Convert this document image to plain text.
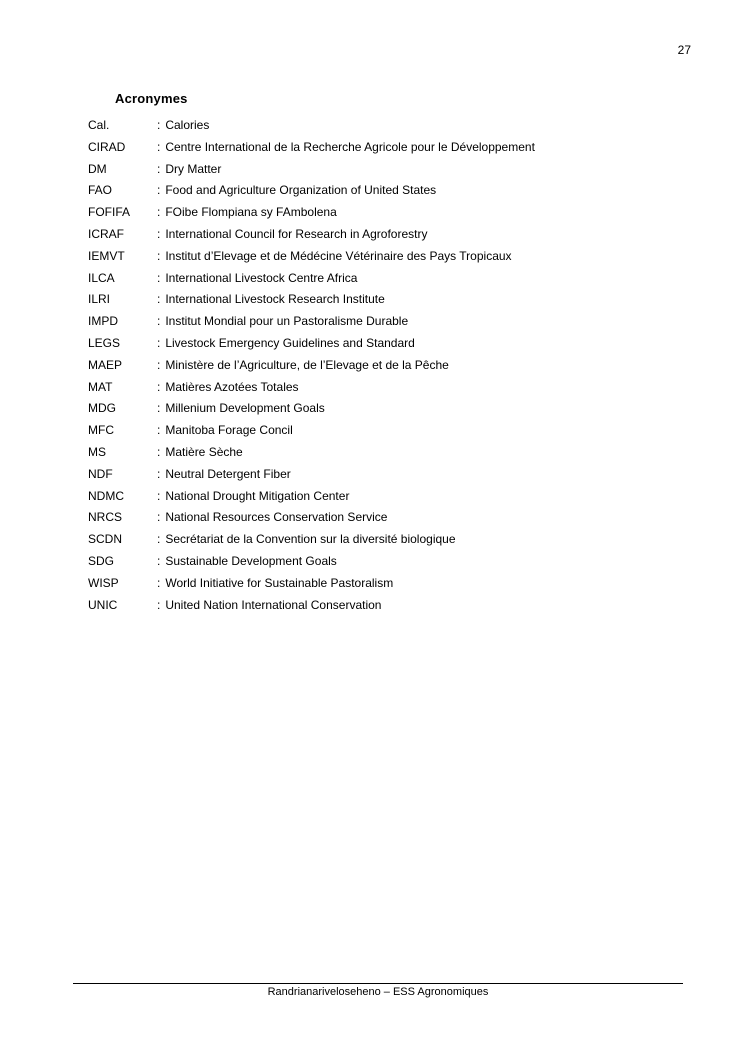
27
Acronymes
Cal.	: Calories
CIRAD	: Centre International de la Recherche Agricole pour le Développement
DM	: Dry Matter
FAO	: Food and Agriculture Organization of United States
FOFIFA	: FOibe Flompiana sy FAmbolena
ICRAF	: International Council for Research in Agroforestry
IEMVT	: Institut d’Elevage et de Médécine Vétérinaire des Pays Tropicaux
ILCA	: International Livestock Centre Africa
ILRI	: International Livestock Research Institute
IMPD	: Institut Mondial pour un Pastoralisme Durable
LEGS	: Livestock Emergency Guidelines and Standard
MAEP	: Ministère de l’Agriculture, de l’Elevage et de la Pêche
MAT	: Matières Azotées Totales
MDG	: Millenium Development Goals
MFC	: Manitoba Forage Concil
MS	: Matière Sèche
NDF	: Neutral Detergent Fiber
NDMC	: National Drought Mitigation Center
NRCS	: National Resources Conservation Service
SCDN	: Secrétariat de la Convention sur la diversité biologique
SDG	: Sustainable Development Goals
WISP	: World Initiative for Sustainable Pastoralism
UNIC	: United Nation International Conservation
Randrianariveloseheno – ESS Agronomiques
